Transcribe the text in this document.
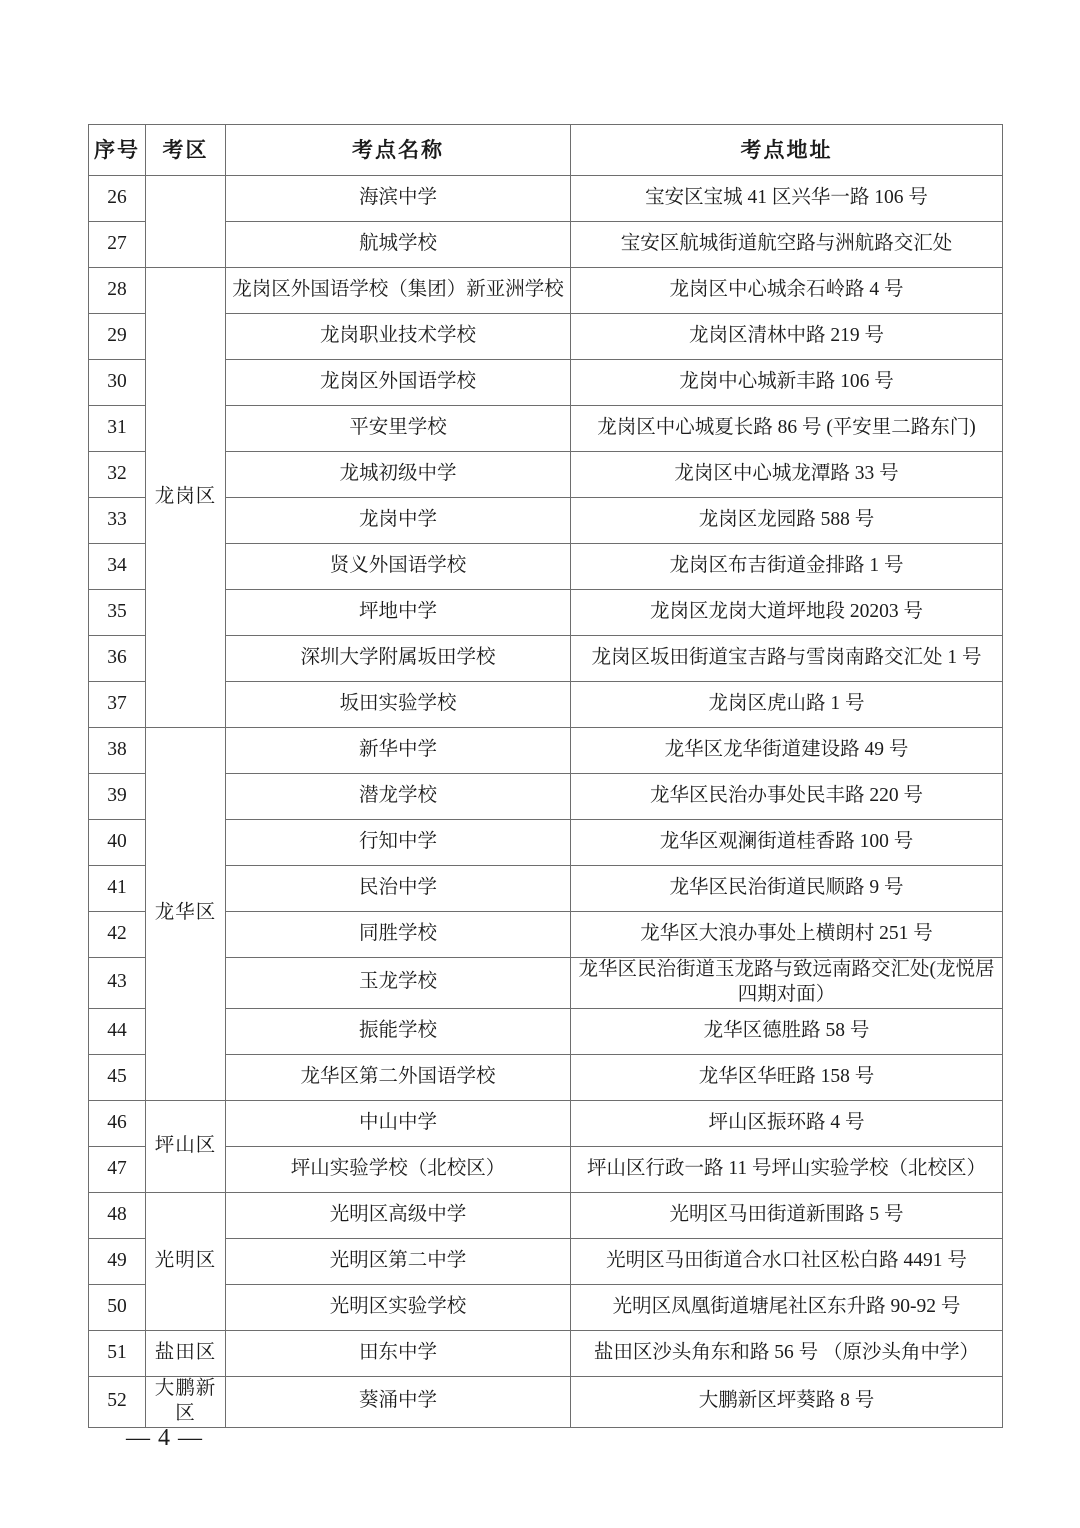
序号	考区	考点名称	考点地址
26		海滨中学	宝安区宝城 41 区兴华一路 106 号
27		航城学校	宝安区航城街道航空路与洲航路交汇处
28	龙岗区	龙岗区外国语学校（集团）新亚洲学校	龙岗区中心城余石岭路 4 号
29		龙岗职业技术学校	龙岗区清林中路 219 号
30		龙岗区外国语学校	龙岗中心城新丰路 106 号
31		平安里学校	龙岗区中心城夏长路 86 号 (平安里二路东门)
32		龙城初级中学	龙岗区中心城龙潭路 33 号
33		龙岗中学	龙岗区龙园路 588 号
34		贤义外国语学校	龙岗区布吉街道金排路 1 号
35		坪地中学	龙岗区龙岗大道坪地段 20203 号
36		深圳大学附属坂田学校	龙岗区坂田街道宝吉路与雪岗南路交汇处 1 号
37		坂田实验学校	龙岗区虎山路 1 号
38	龙华区	新华中学	龙华区龙华街道建设路 49 号
39		潜龙学校	龙华区民治办事处民丰路 220 号
40		行知中学	龙华区观澜街道桂香路 100 号
41		民治中学	龙华区民治街道民顺路 9 号
42		同胜学校	龙华区大浪办事处上横朗村 251 号
43		玉龙学校	龙华区民治街道玉龙路与致远南路交汇处(龙悦居四期对面）
44		振能学校	龙华区德胜路 58 号
45		龙华区第二外国语学校	龙华区华旺路 158 号
46	坪山区	中山中学	坪山区振环路 4 号
47		坪山实验学校（北校区）	坪山区行政一路 11 号坪山实验学校（北校区）
48	光明区	光明区高级中学	光明区马田街道新围路 5 号
49		光明区第二中学	光明区马田街道合水口社区松白路 4491 号
50		光明区实验学校	光明区凤凰街道塘尾社区东升路 90-92 号
51	盐田区	田东中学	盐田区沙头角东和路 56 号 （原沙头角中学）
52	大鹏新区	葵涌中学	大鹏新区坪葵路 8 号
— 4 —
